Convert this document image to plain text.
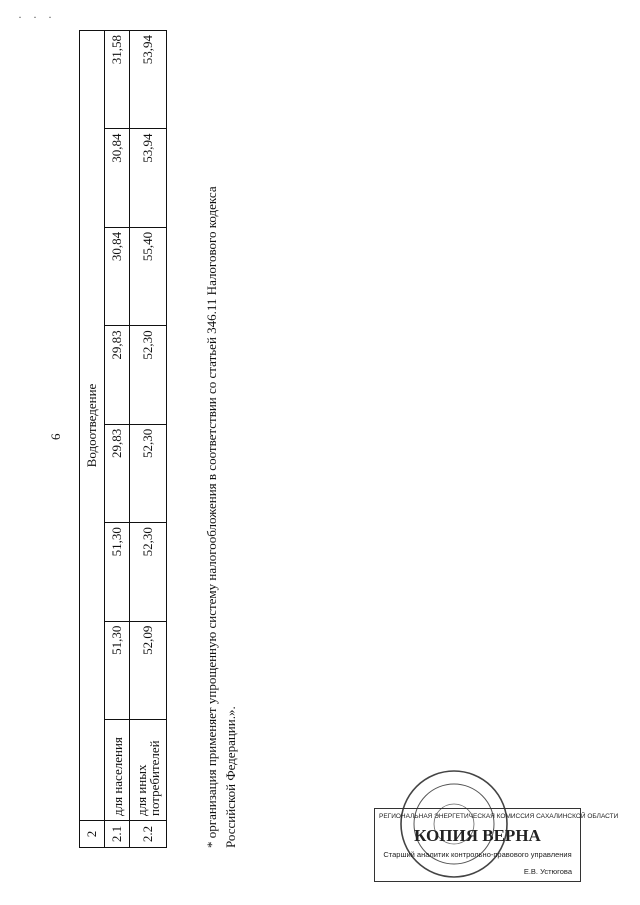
· · ·
6
2	Водоотведение							
2.1	для населения	51,30	51,30	29,83	29,83	30,84	30,84	31,58
2.2	для иных потребителей	52,09	52,30	52,30	52,30	55,40	53,94	53,94
* организация применяет упрощенную систему налогообложения в соответствии со статьей 346.11 Налогового кодекса Российской Федерации.».	РЕГИОНАЛЬНАЯ ЭНЕРГЕТИЧЕСКАЯ КОМИССИЯ САХАЛИНСКОЙ ОБЛАСТИ
КОПИЯ ВЕРНА
Старший аналитик контрольно-правового управления
Е.В. Устюгова
